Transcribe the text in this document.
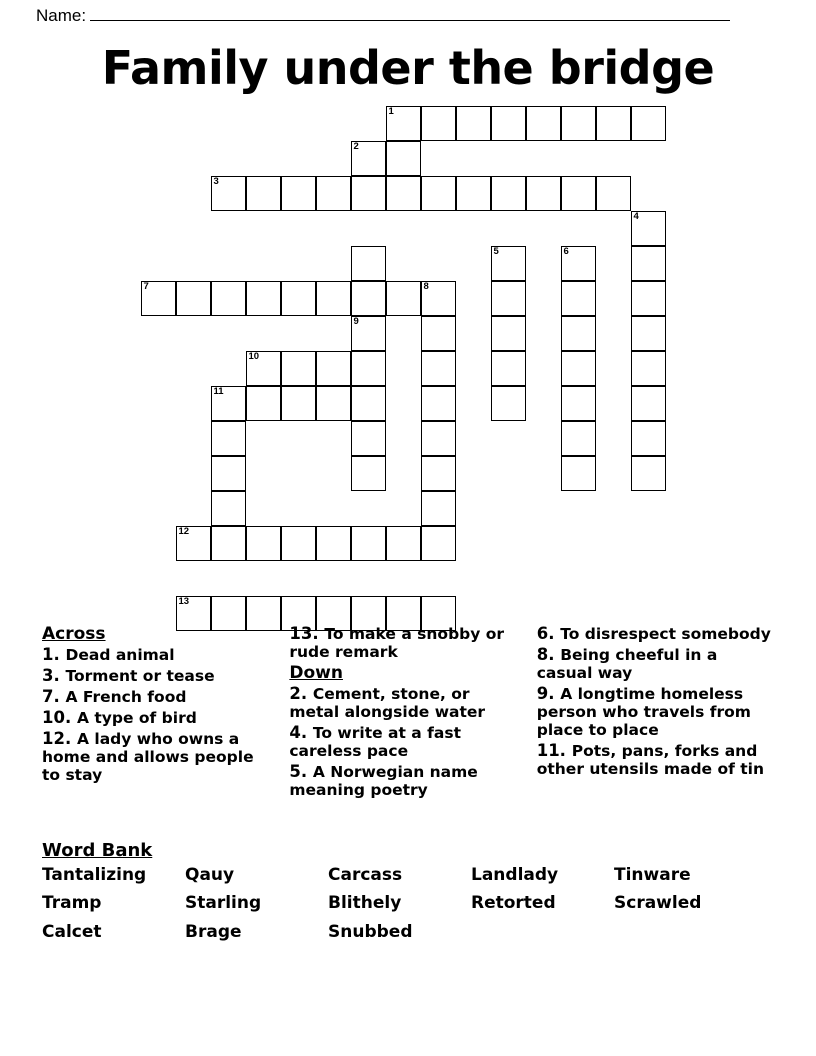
Name:
Family under the bridge
1
2
3
4
5	6
7	8
9
10
11
12
13
Across
1. Dead animal
3. Torment or tease
7. A French food
10. A type of bird
12. A lady who owns a home and allows people to stay
13. To make a snobby or rude remark
Down
2. Cement, stone, or metal alongside water
4. To write at a fast careless pace
5. A Norwegian name meaning poetry
6. To disrespect somebody
8. Being cheeful in a casual way
9. A longtime homeless person who travels from place to place
11. Pots, pans, forks and other utensils made of tin
Word Bank
Tantalizing	Qauy	Carcass	Landlady	Tinware
Tramp	Starling	Blithely	Retorted	Scrawled
Calcet	Brage	Snubbed
